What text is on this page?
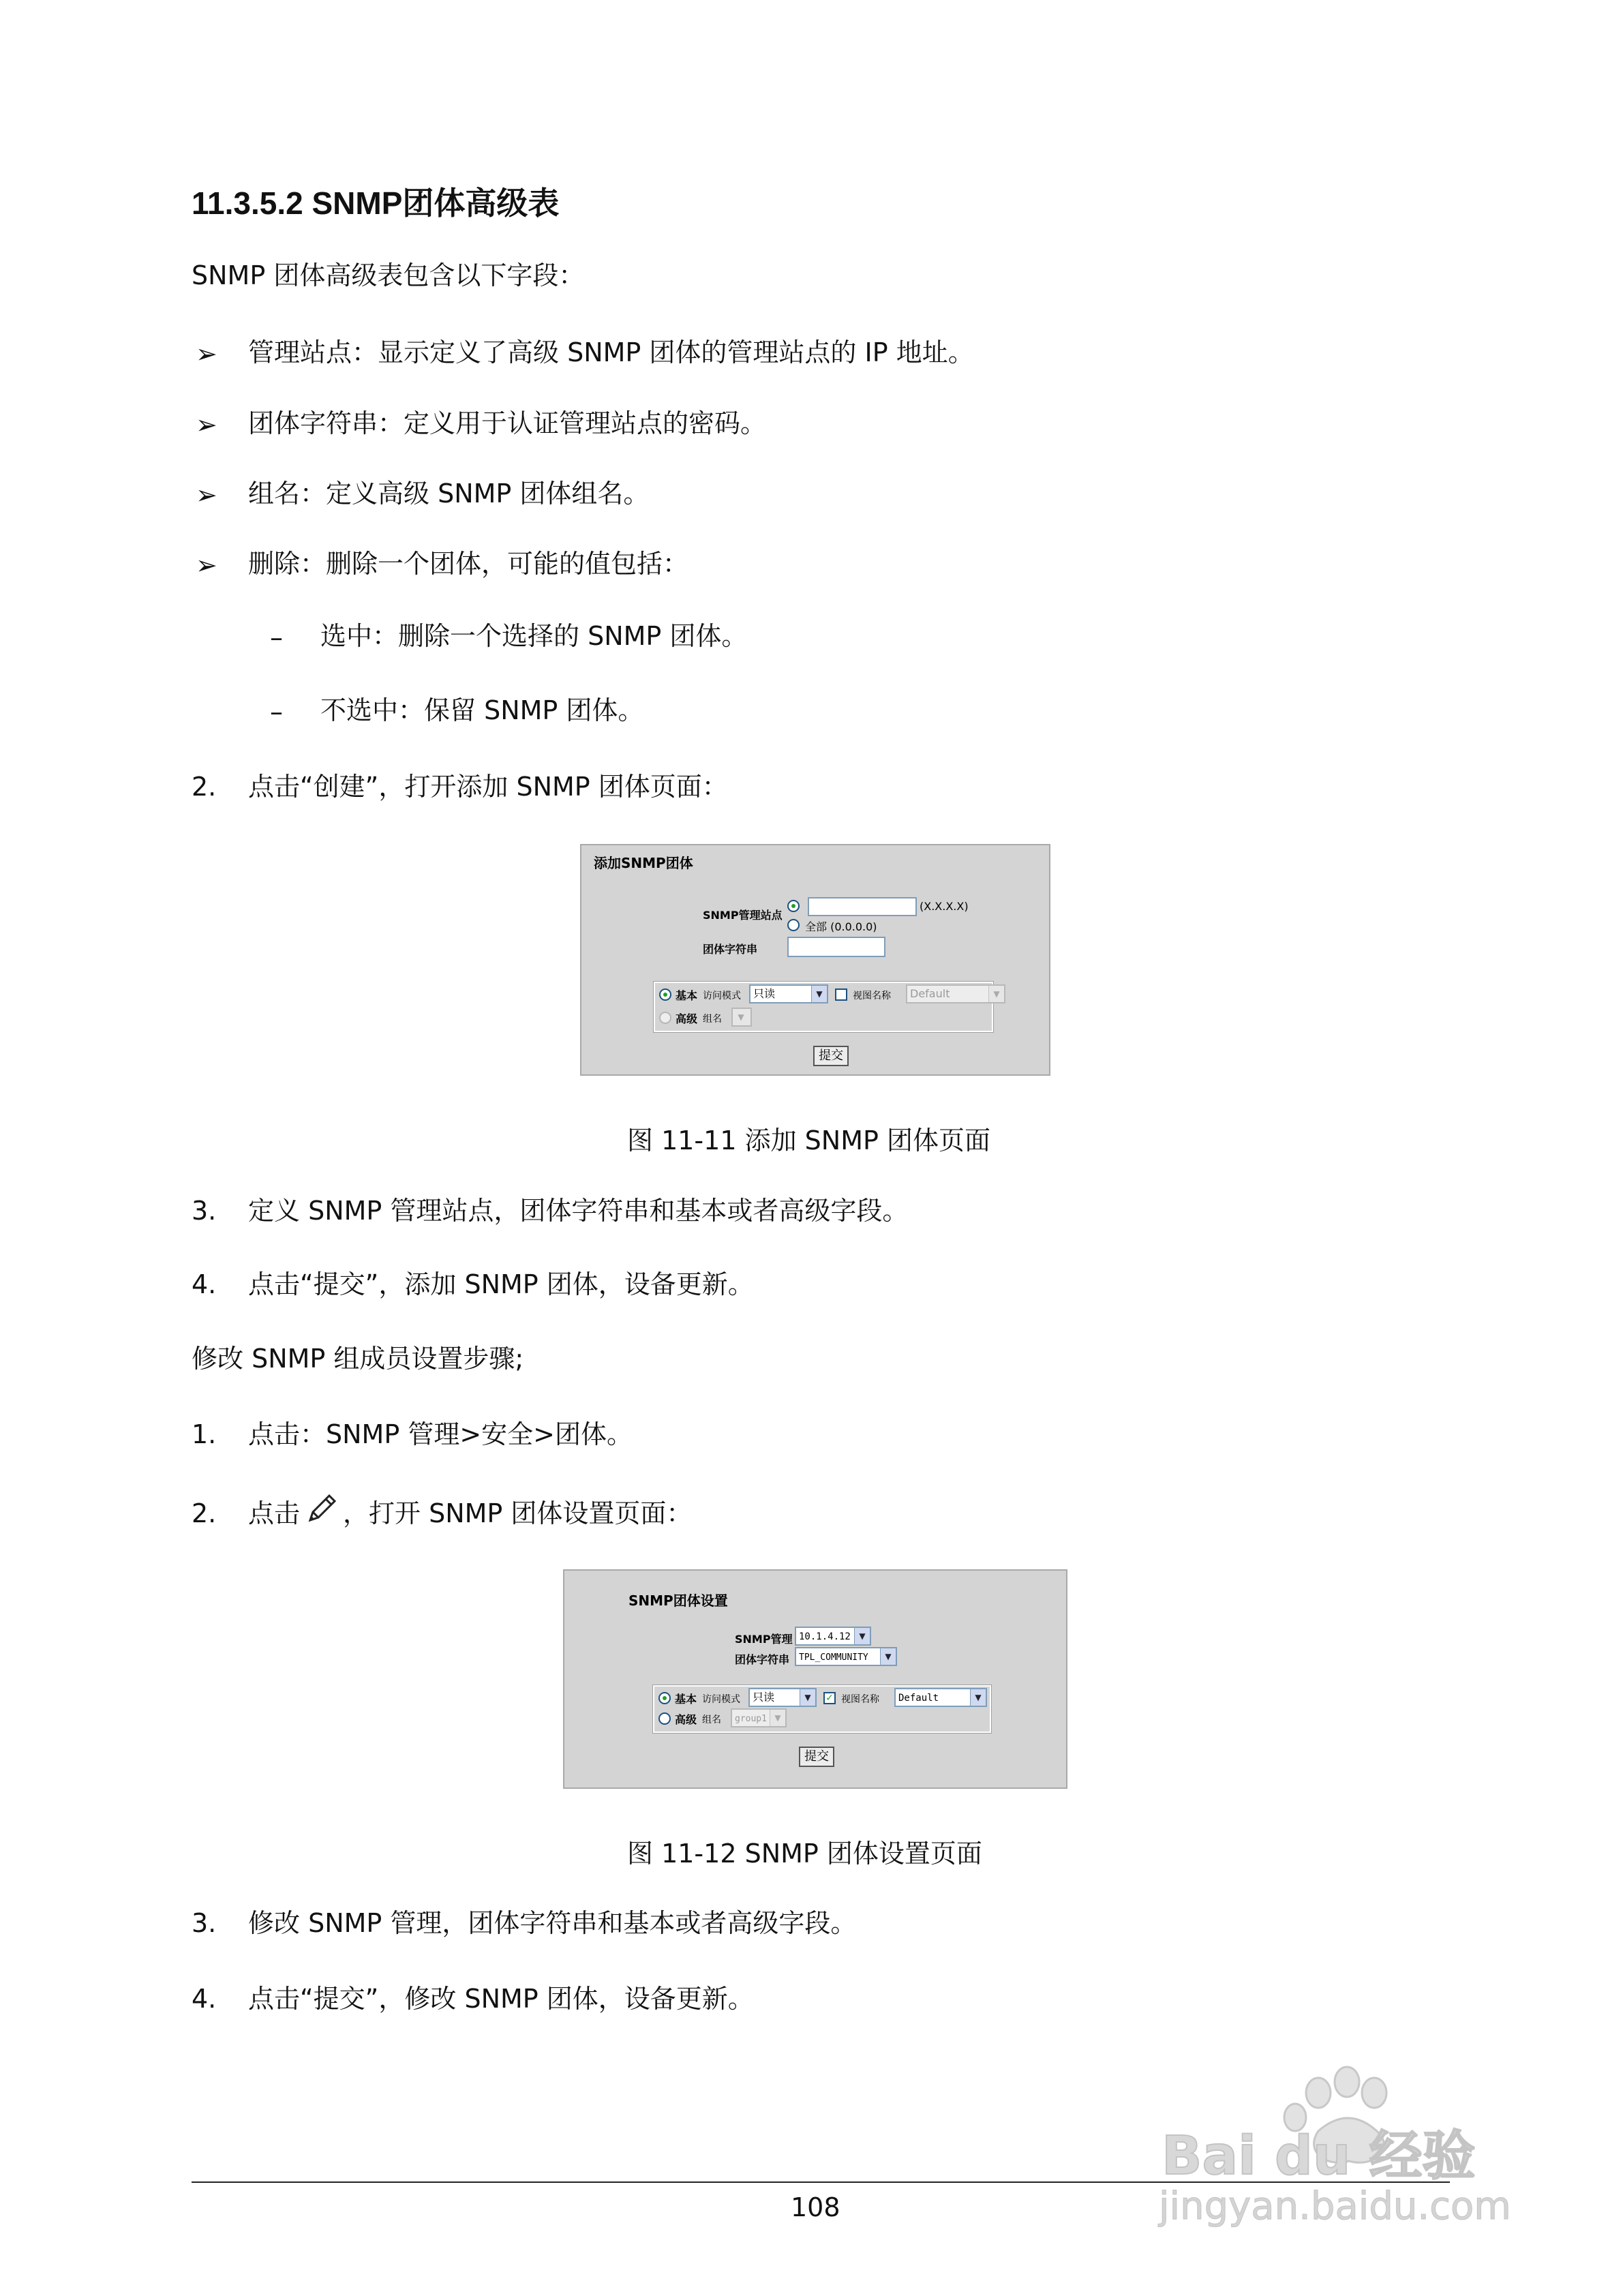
11.3.5.2 SNMP团体高级表
SNMP 团体高级表包含以下字段：
➢ 管理站点：显示定义了高级 SNMP 团体的管理站点的 IP 地址。
➢ 团体字符串：定义用于认证管理站点的密码。
➢ 组名：定义高级 SNMP 团体组名。
➢ 删除：删除一个团体，可能的值包括：
– 选中：删除一个选择的 SNMP 团体。
– 不选中：保留 SNMP 团体。
2. 点击“创建”，打开添加 SNMP 团体页面：
添加SNMP团体
SNMP管理站点
(X.X.X.X)
全部 (0.0.0.0)
团体字符串
基本 访问模式	只读	▼	视图名称	Default	▼
高级 组名	▼
提交
图 11-11 添加 SNMP 团体页面
3. 定义 SNMP 管理站点，团体字符串和基本或者高级字段。
4. 点击“提交”，添加 SNMP 团体，设备更新。
修改 SNMP 组成员设置步骤;
1. 点击：SNMP 管理>安全>团体。
2. 点击 ，打开 SNMP 团体设置页面：
SNMP团体设置
SNMP管理 10.1.4.12	▼
团体字符串	TPL_COMMUNITY	▼
基本 访问模式	只读	▼	✓ 视图名称	Default	▼
高级 组名	group1 ▼
提交
图 11-12 SNMP 团体设置页面
3. 修改 SNMP 管理，团体字符串和基本或者高级字段。
4. 点击“提交”，修改 SNMP 团体，设备更新。
108
Bai du 经验
jingyan.baidu.com
